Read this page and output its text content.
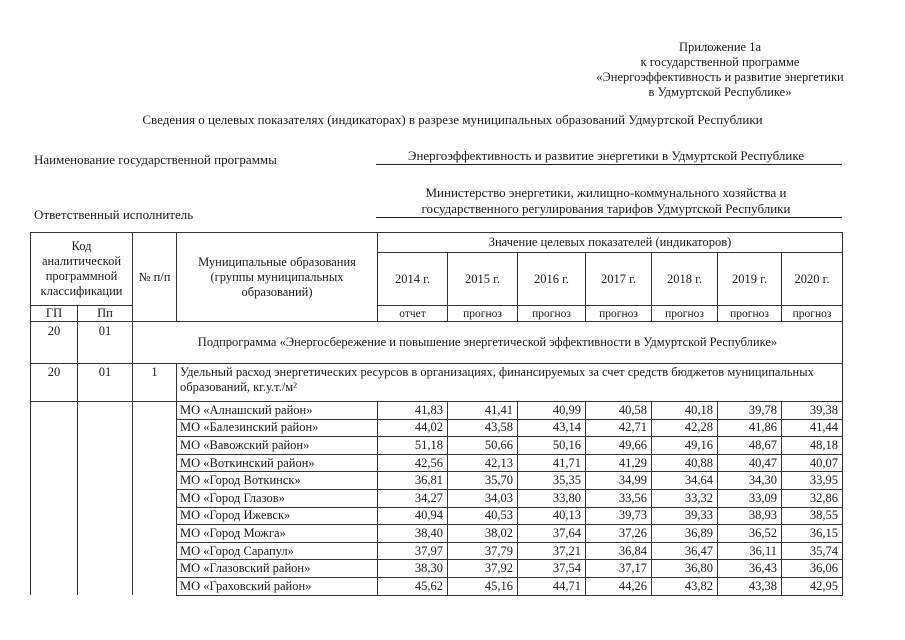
Приложение 1а
к государственной программе
«Энергоэффективность и развитие энергетики
в Удмуртской Республике»
Сведения о целевых показателях (индикаторах) в разрезе муниципальных образований Удмуртской Республики
Наименование государственной программы	Энергоэффективность и развитие энергетики в Удмуртской Республике
Ответственный исполнитель
Министерство энергетики, жилищно-коммунального хозяйства и
государственного регулирования тарифов Удмуртской Республики
Код аналитической программной классификации		№ п/п	Муниципальные образования (группы муниципальных образований)	Значение целевых показателей (индикаторов)						
				2014 г.	2015 г.	2016 г.	2017 г.	2018 г.	2019 г.	2020 г.
ГП	Пп			отчет	прогноз	прогноз	прогноз	прогноз	прогноз	прогноз
20	01	Подпрограмма «Энергосбережение и повышение энергетической эффективности в Удмуртской Республике»								
20	01	1	Удельный расход энергетических ресурсов в организациях, финансируемых за счет средств бюджетов муниципальных образований, кг.у.т./м²							
			МО «Алнашский район»	41,83	41,41	40,99	40,58	40,18	39,78	39,38
			МО «Балезинский район»	44,02	43,58	43,14	42,71	42,28	41,86	41,44
			МО «Вавожский район»	51,18	50,66	50,16	49,66	49,16	48,67	48,18
			МО «Воткинский район»	42,56	42,13	41,71	41,29	40,88	40,47	40,07
			МО «Город Воткинск»	36,81	35,70	35,35	34,99	34,64	34,30	33,95
			МО «Город Глазов»	34,27	34,03	33,80	33,56	33,32	33,09	32,86
			МО «Город Ижевск»	40,94	40,53	40,13	39,73	39,33	38,93	38,55
			МО «Город Можга»	38,40	38,02	37,64	37,26	36,89	36,52	36,15
			МО «Город Сарапул»	37,97	37,79	37,21	36,84	36,47	36,11	35,74
			МО «Глазовский район»	38,30	37,92	37,54	37,17	36,80	36,43	36,06
			МО «Граховский район»	45,62	45,16	44,71	44,26	43,82	43,38	42,95
